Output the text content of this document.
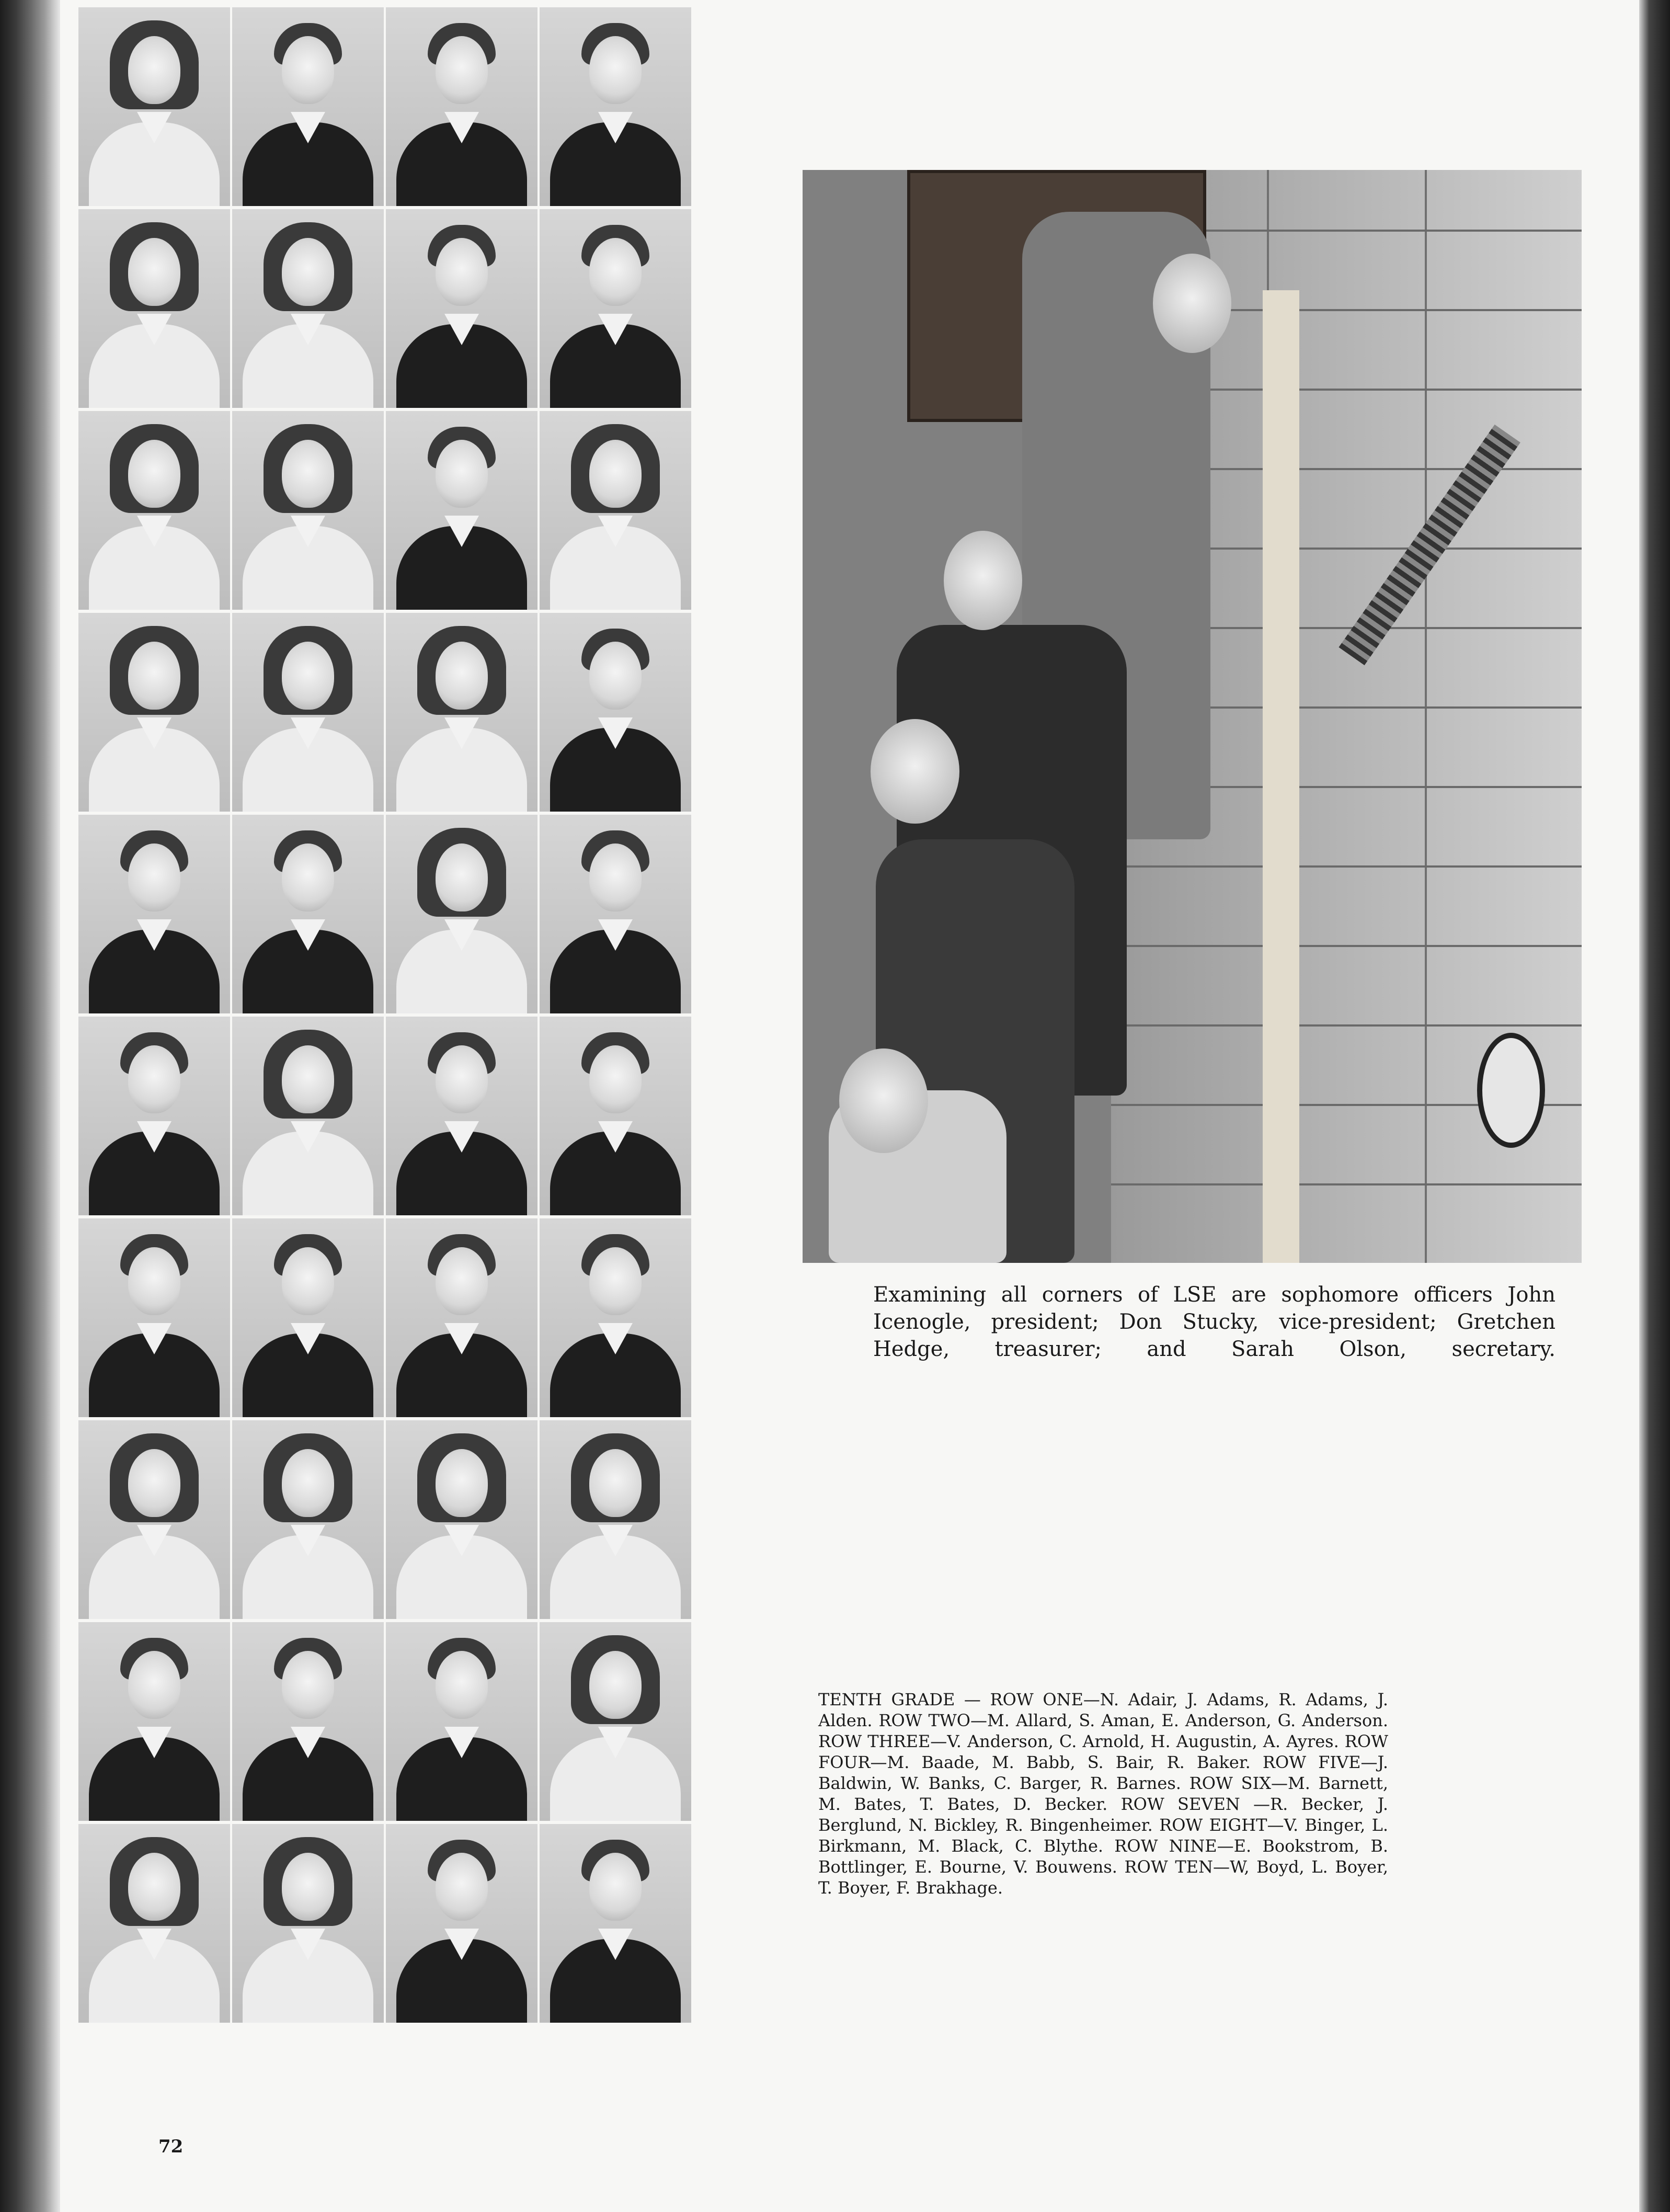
Examining all corners of LSE are sophomore officers John Icenogle, president; Don Stucky, vice-president; Gretchen Hedge, treasurer; and Sarah Olson, secretary.
TENTH GRADE — ROW ONE—N. Adair, J. Adams, R. Adams, J. Alden. ROW TWO—M. Allard, S. Aman, E. Anderson, G. Anderson. ROW THREE—V. Anderson, C. Arnold, H. Augustin, A. Ayres. ROW FOUR—M. Baade, M. Babb, S. Bair, R. Baker. ROW FIVE—J. Baldwin, W. Banks, C. Barger, R. Barnes. ROW SIX—M. Barnett, M. Bates, T. Bates, D. Becker. ROW SEVEN —R. Becker, J. Berglund, N. Bickley, R. Bingenheimer. ROW EIGHT—V. Binger, L. Birkmann, M. Black, C. Blythe. ROW NINE—E. Bookstrom, B. Bottlinger, E. Bourne, V. Bouwens. ROW TEN—W, Boyd, L. Boyer, T. Boyer, F. Brakhage.
72
